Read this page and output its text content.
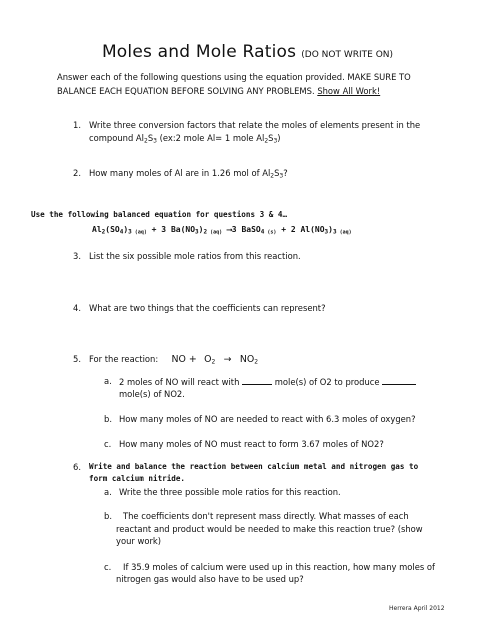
Moles and Mole Ratios (DO NOT WRITE ON)
Answer each of the following questions using the equation provided. MAKE SURE TO
BALANCE EACH EQUATION BEFORE SOLVING ANY PROBLEMS. Show All Work!
1. Write three conversion factors that relate the moles of elements present in the
compound Al2S3 (ex:2 mole Al= 1 mole Al2S3)
2. How many moles of Al are in 1.26 mol of Al2S3?
Use the following balanced equation for questions 3 & 4…
$Al_2(SO_4)_3$ (aq) + 3 $Ba(NO_3)_2$ (aq) ⟶3 BaSO$_4$ (s) + 2 $Al(NO_3)_3$ (aq)
3. List the six possible mole ratios from this reaction.
4. What are two things that the coefficients can represent?
5. For the reaction: NO + O2 → NO2
a. 2 moles of NO will react with	mole(s) of O2 to produce
mole(s) of NO2.
b. How many moles of NO are needed to react with 6.3 moles of oxygen?
c. How many moles of NO must react to form 3.67 moles of NO2?
6. Write and balance the reaction between calcium metal and nitrogen gas to
form calcium nitride.
a. Write the three possible mole ratios for this reaction.
b. The coefficients don't represent mass directly. What masses of each
reactant and product would be needed to make this reaction true? (show
your work)
c. If 35.9 moles of calcium were used up in this reaction, how many moles of
nitrogen gas would also have to be used up?
Herrera April 2012
